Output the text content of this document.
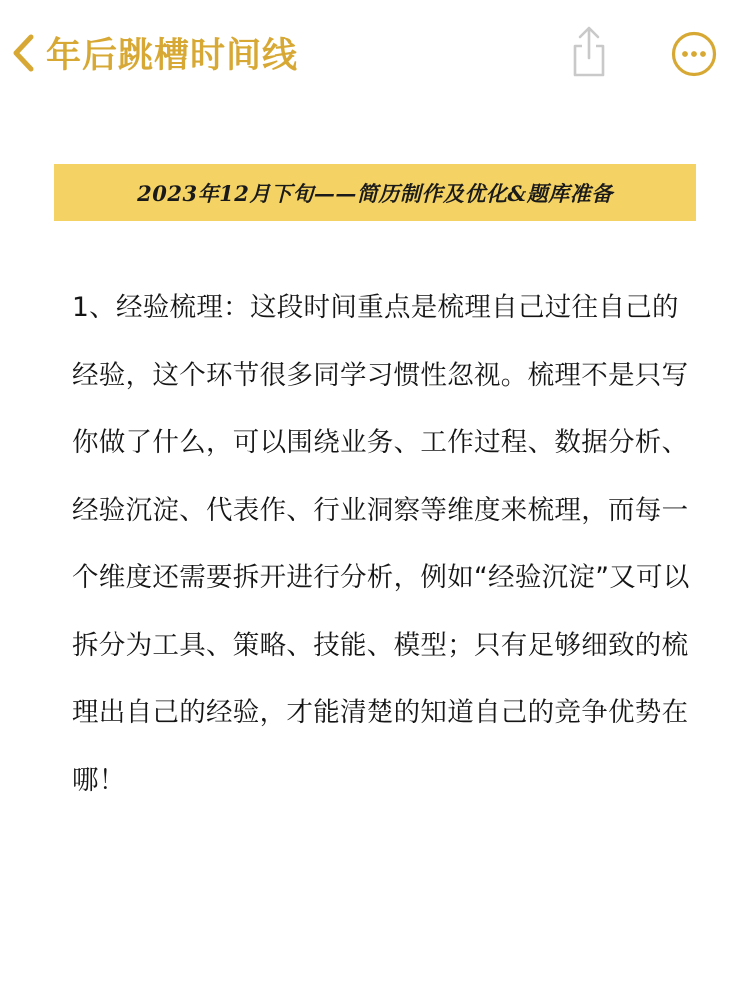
年后跳槽时间线
2023年12月下旬——简历制作及优化&题库准备

1、经验梳理：这段时间重点是梳理自己过往自己的经验，这个环节很多同学习惯性忽视。梳理不是只写你做了什么，可以围绕业务、工作过程、数据分析、经验沉淀、代表作、行业洞察等维度来梳理，而每一个维度还需要拆开进行分析，例如“经验沉淀”又可以拆分为工具、策略、技能、模型；只有足够细致的梳理出自己的经验，才能清楚的知道自己的竞争优势在哪！
